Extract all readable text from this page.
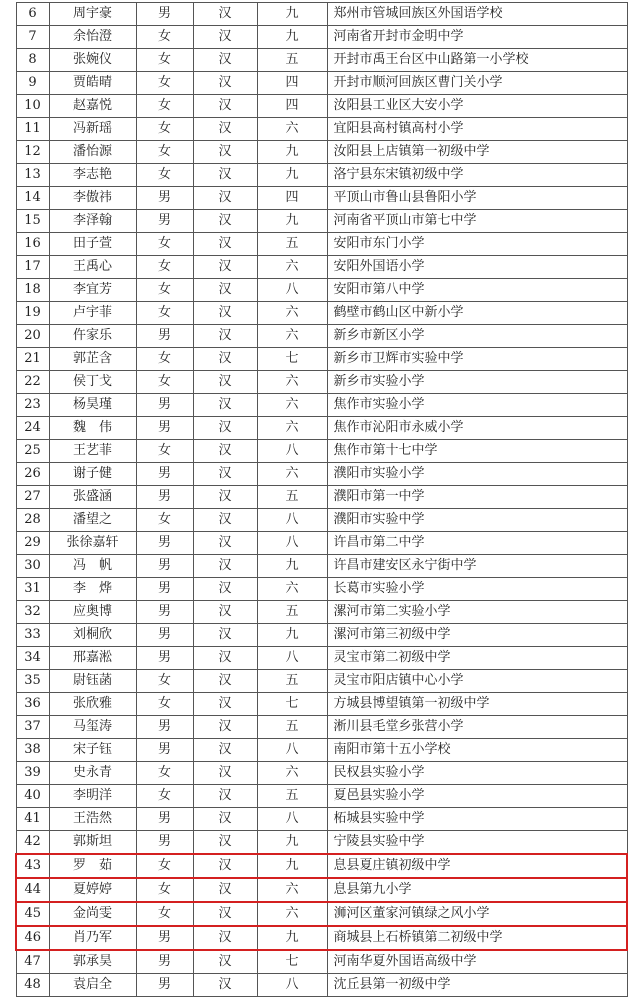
6	周宇豪	男	汉	九	郑州市管城回族区外国语学校
7	余怡澄	女	汉	九	河南省开封市金明中学
8	张婉仪	女	汉	五	开封市禹王台区中山路第一小学校
9	贾皓晴	女	汉	四	开封市顺河回族区曹门关小学
10	赵嘉悦	女	汉	四	汝阳县工业区大安小学
11	冯新瑶	女	汉	六	宜阳县高村镇高村小学
12	潘怡源	女	汉	九	汝阳县上店镇第一初级中学
13	李志艳	女	汉	九	洛宁县东宋镇初级中学
14	李傲祎	男	汉	四	平顶山市鲁山县鲁阳小学
15	李泽翰	男	汉	九	河南省平顶山市第七中学
16	田子萱	女	汉	五	安阳市东门小学
17	王禹心	女	汉	六	安阳外国语小学
18	李宜芳	女	汉	八	安阳市第八中学
19	卢宇菲	女	汉	六	鹤壁市鹤山区中新小学
20	仵家乐	男	汉	六	新乡市新区小学
21	郭芷含	女	汉	七	新乡市卫辉市实验中学
22	侯丁戈	女	汉	六	新乡市实验小学
23	杨昊瑾	男	汉	六	焦作市实验小学
24	魏　伟	男	汉	六	焦作市沁阳市永威小学
25	王艺菲	女	汉	八	焦作市第十七中学
26	谢子健	男	汉	六	濮阳市实验小学
27	张盛涵	男	汉	五	濮阳市第一中学
28	潘望之	女	汉	八	濮阳市实验中学
29	张徐嘉轩	男	汉	八	许昌市第二中学
30	冯　帆	男	汉	九	许昌市建安区永宁街中学
31	李　烨	男	汉	六	长葛市实验小学
32	应奥博	男	汉	五	漯河市第二实验小学
33	刘桐欣	男	汉	九	漯河市第三初级中学
34	邢嘉淞	男	汉	八	灵宝市第二初级中学
35	尉钰菡	女	汉	五	灵宝市阳店镇中心小学
36	张欣雅	女	汉	七	方城县博望镇第一初级中学
37	马玺涛	男	汉	五	淅川县毛堂乡张营小学
38	宋子钰	男	汉	八	南阳市第十五小学校
39	史永青	女	汉	六	民权县实验小学
40	李明洋	女	汉	五	夏邑县实验小学
41	王浩然	男	汉	八	柘城县实验中学
42	郭斯坦	男	汉	九	宁陵县实验中学
43	罗　茹	女	汉	九	息县夏庄镇初级中学
44	夏婷婷	女	汉	六	息县第九小学
45	金尚雯	女	汉	六	浉河区董家河镇绿之风小学
46	肖乃军	男	汉	九	商城县上石桥镇第二初级中学
47	郭承昊	男	汉	七	河南华夏外国语高级中学
48	袁启全	男	汉	八	沈丘县第一初级中学
